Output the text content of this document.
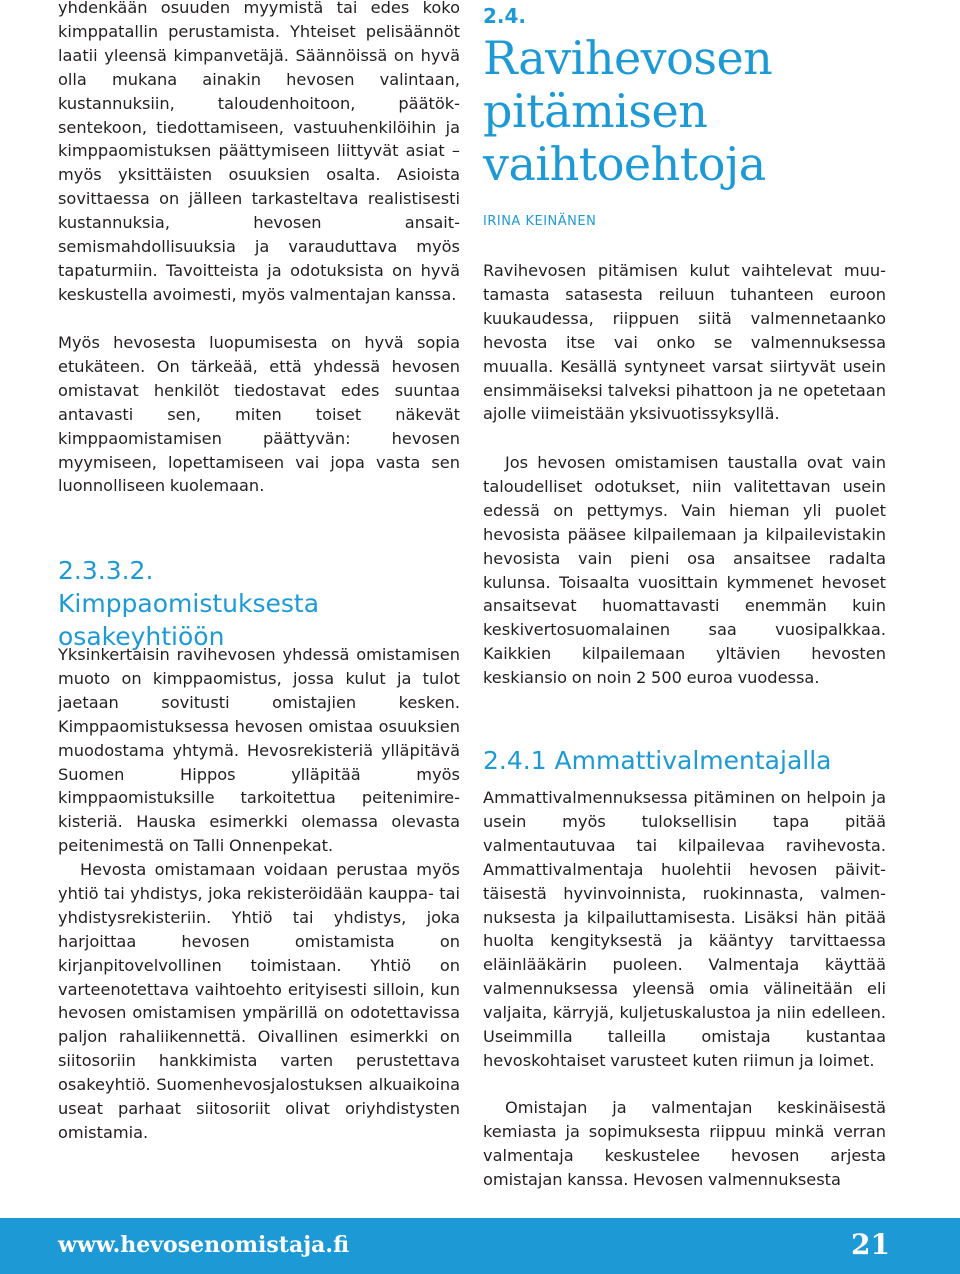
yhdenkään osuuden myymistä tai edes koko kimppatallin perustamista. Yhteiset pelisäännöt laatii yleensä kimpanvetäjä. Säännöissä on hyvä olla mukana ainakin hevosen valintaan, kustannuksiin, taloudenhoitoon, päätöksentekoon, tiedottamiseen, vastuuhenkilöihin ja kimppaomistuksen päättymiseen liittyvät asiat – myös yksittäisten osuuksien osalta. Asioista sovittaessa on jälleen tarkasteltava realistisesti kustannuksia, hevosen ansaitsemismahdollisuuksia ja varauduttava myös tapaturmiin. Tavoitteista ja odotuksista on hyvä keskustella avoimesti, myös valmentajan kanssa.

Myös hevosesta luopumisesta on hyvä sopia etukäteen. On tärkeää, että yhdessä hevosen omistavat henkilöt tiedostavat edes suuntaa antavasti sen, miten toiset näkevät kimppaomistamisen päättyvän: hevosen myymiseen, lopettamiseen vai jopa vasta sen luonnolliseen kuolemaan.

2.3.3.2. Kimppaomistuksesta osakeyhtiöön

Yksinkertaisin ravihevosen yhdessä omistamisen muoto on kimppaomistus, jossa kulut ja tulot jaetaan sovitusti omistajien kesken. Kimppaomistuksessa hevosen omistaa osuuksien muodostama yhtymä. Hevosrekisteriä ylläpitävä Suomen Hippos ylläpitää myös kimppaomistuksille tarkoitettua peitenimirekisteriä. Hauska esimerkki olemassa olevasta peitenimestä on Talli Onnenpekat.

Hevosta omistamaan voidaan perustaa myös yhtiö tai yhdistys, joka rekisteröidään kauppa- tai yhdistysrekisteriin. Yhtiö tai yhdistys, joka harjoittaa hevosen omistamista on kirjanpitovelvollinen toimistaan. Yhtiö on varteenotettava vaihtoehto erityisesti silloin, kun hevosen omistamisen ympärillä on odotettavissa paljon rahaliikennettä. Oivallinen esimerkki on siitosoriin hankkimista varten perustettava osakeyhtiö. Suomenhevosjalostuksen alkuaikoina useat parhaat siitosoriit olivat oriyhdistysten omistamia.

2.4.
Ravihevosen pitämisen vaihtoehtoja
IRINA KEINÄNEN

Ravihevosen pitämisen kulut vaihtelevat muutamasta satasesta reiluun tuhanteen euroon kuukaudessa, riippuen siitä valmennetaanko hevosta itse vai onko se valmennuksessa muualla. Kesällä syntyneet varsat siirtyvät usein ensimmäiseksi talveksi pihattoon ja ne opetetaan ajolle viimeistään yksivuotissyksyllä.

Jos hevosen omistamisen taustalla ovat vain taloudelliset odotukset, niin valitettavan usein edessä on pettymys. Vain hieman yli puolet hevosista pääsee kilpailemaan ja kilpailevistakin hevosista vain pieni osa ansaitsee radalta kulunsa. Toisaalta vuosittain kymmenet hevoset ansaitsevat huomattavasti enemmän kuin keskivertosuomalainen saa vuosipalkkaa. Kaikkien kilpailemaan yltävien hevosten keskiansio on noin 2 500 euroa vuodessa.

2.4.1 Ammattivalmentajalla

Ammattivalmennuksessa pitäminen on helpoin ja usein myös tuloksellisin tapa pitää valmentautuvaa tai kilpailevaa ravihevosta. Ammattivalmentaja huolehtii hevosen päivittäisestä hyvinvoinnista, ruokinnasta, valmennuksesta ja kilpailuttamisesta. Lisäksi hän pitää huolta kengityksestä ja kääntyy tarvittaessa eläinlääkärin puoleen. Valmentaja käyttää valmennuksessa yleensä omia välineitään eli valjaita, kärryjä, kuljetuskalustoa ja niin edelleen. Useimmilla talleilla omistaja kustantaa hevoskohtaiset varusteet kuten riimun ja loimet.

Omistajan ja valmentajan keskinäisestä kemiasta ja sopimuksesta riippuu minkä verran valmentaja keskustelee hevosen arjesta omistajan kanssa. Hevosen valmennuksesta

www.hevosenomistaja.fi	21
